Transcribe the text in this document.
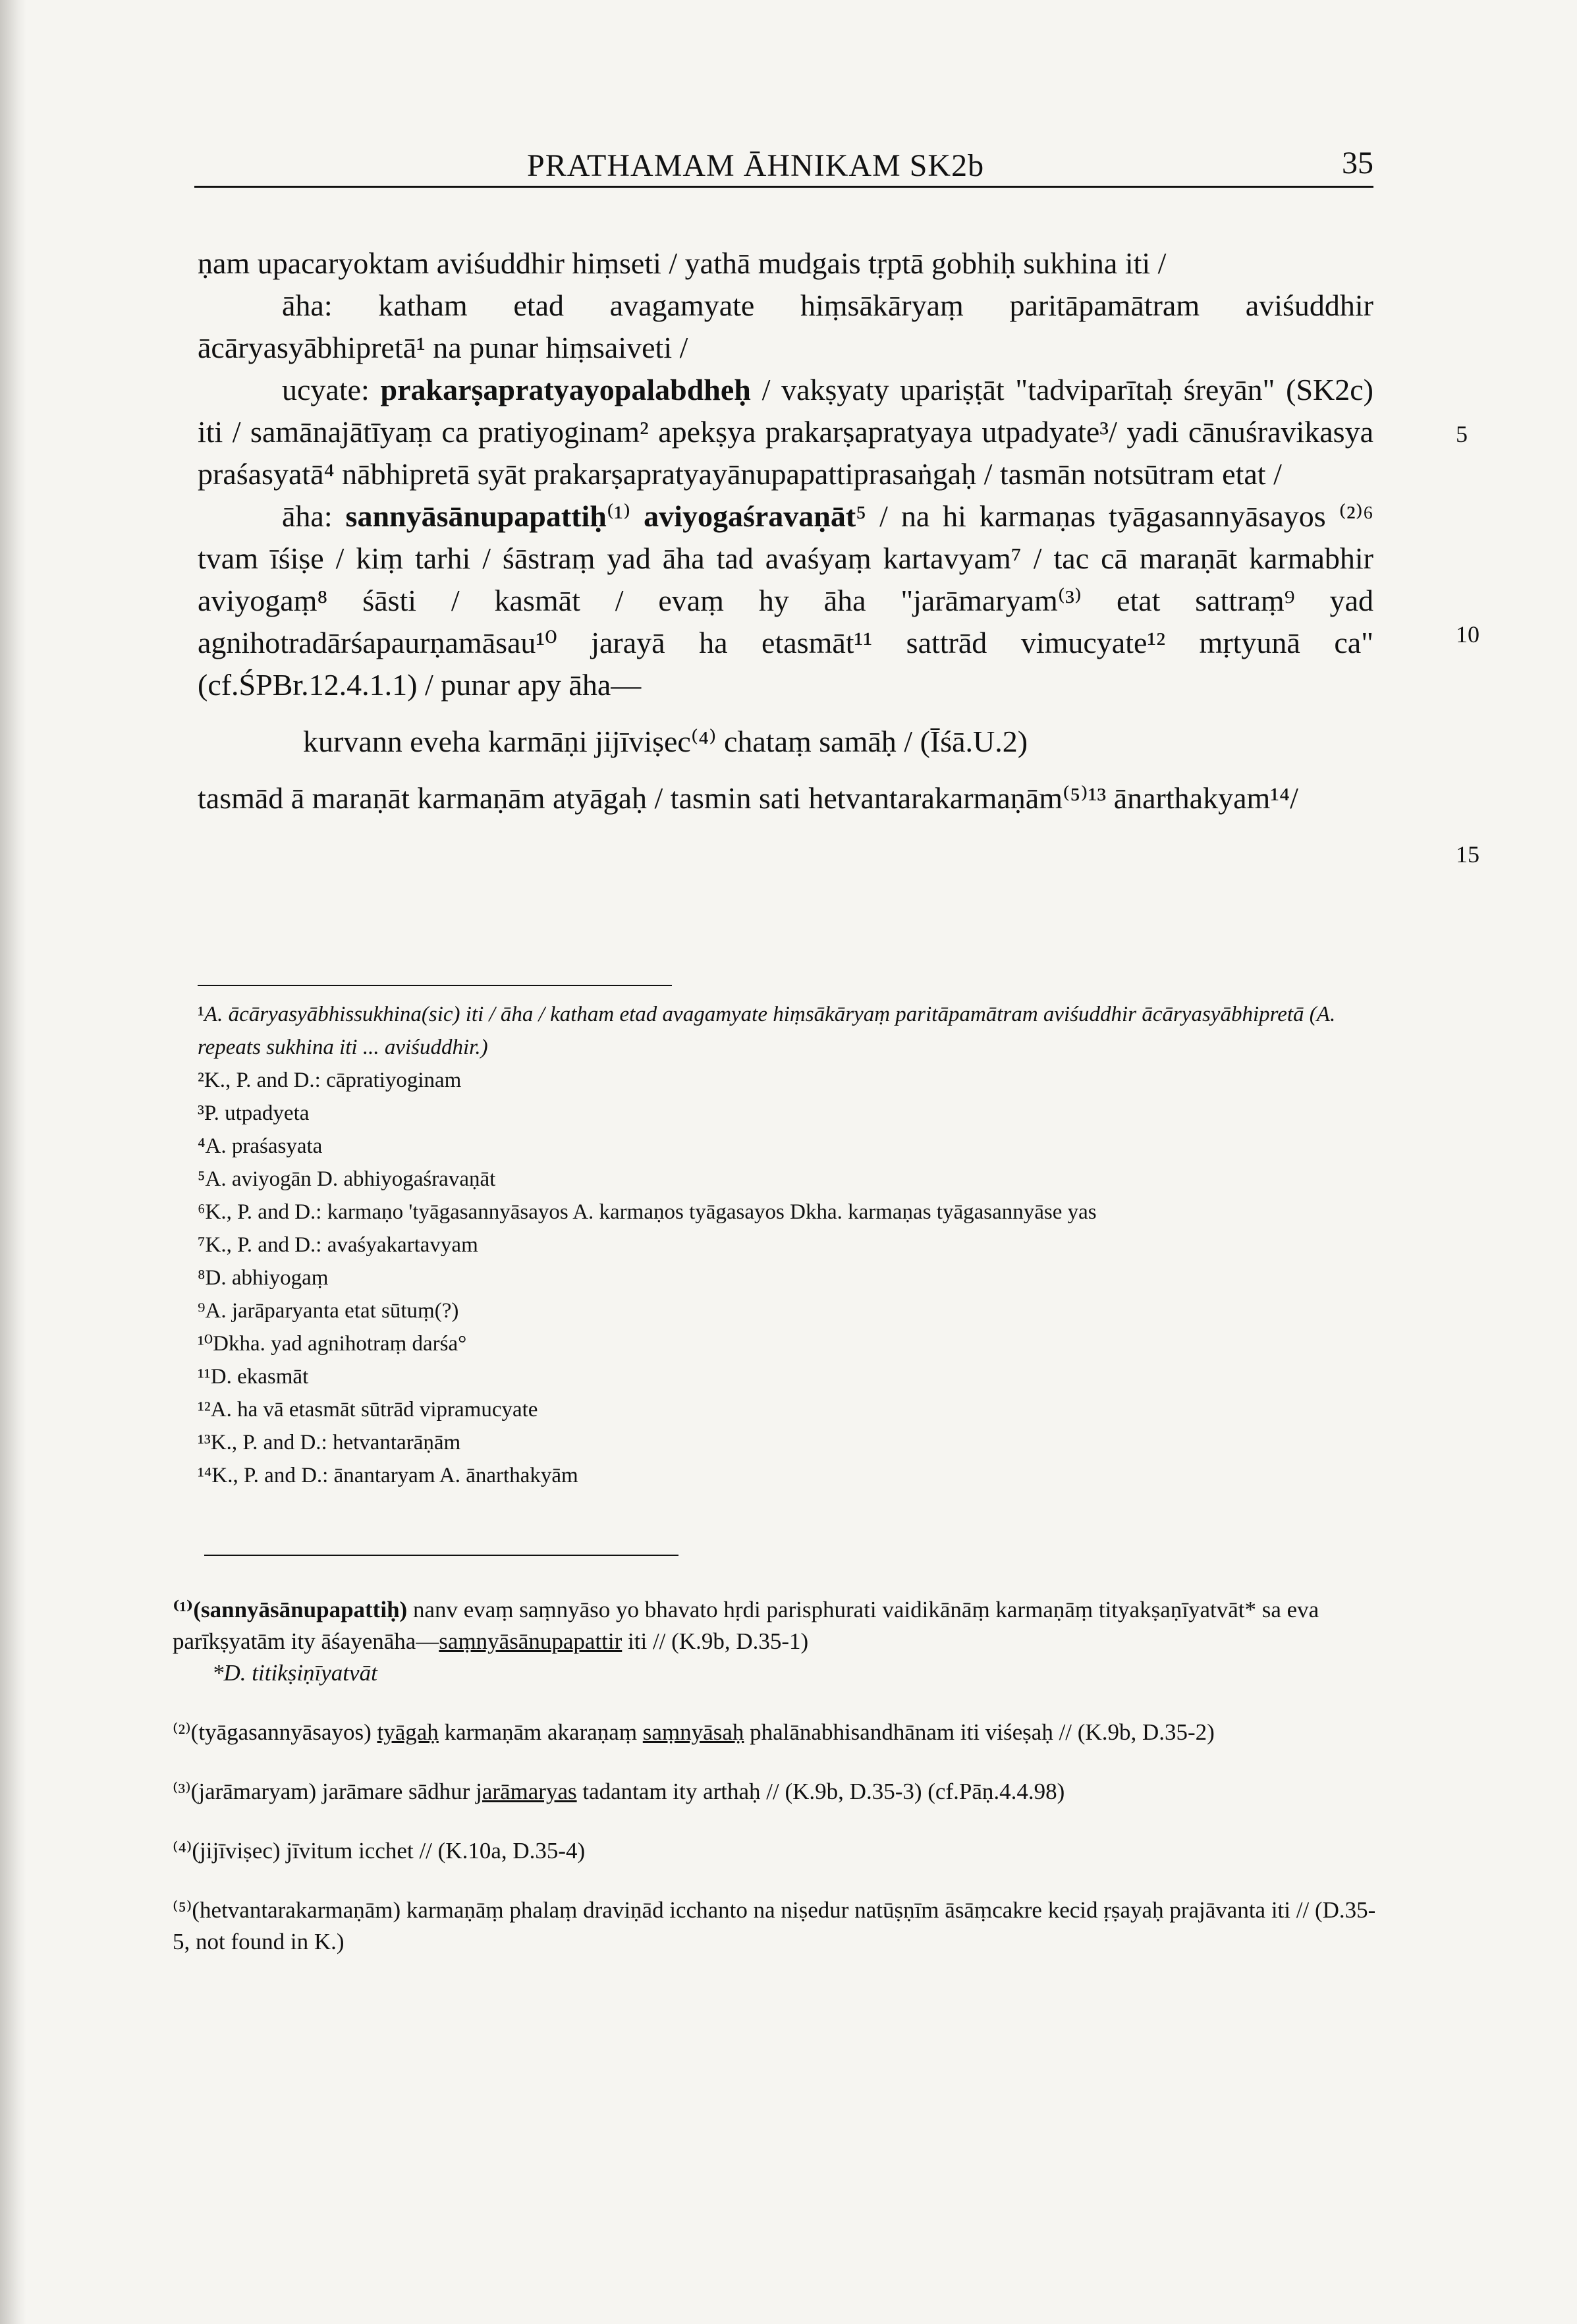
PRATHAMAM ĀHNIKAM SK2b	35

ṇam upacaryoktam aviśuddhir hiṃseti / yathā mudgais tṛptā gobhiḥ sukhina iti /

āha: katham etad avagamyate hiṃsākāryaṃ paritāpamātram aviśuddhir ācāryasyābhipretā¹ na punar hiṃsaiveti /

ucyate: prakarṣapratyayopalabdheḥ / vakṣyaty upariṣṭāt "tadviparītaḥ śreyān" (SK2c) iti / samānajātīyaṃ ca pratiyoginam² apekṣya prakarṣapratyaya utpadyate³/ yadi cānuśravikasya praśasyatā⁴ nābhipretā syāt prakarṣapratyayānupapattiprasaṅgaḥ / tasmān notsūtram etat /

āha: sannyāsānupapattiḥ⁽¹⁾ aviyogaśravaṇāt⁵ / na hi karmaṇas tyāgasannyāsayos ⁽²⁾⁶ tvam īśiṣe / kiṃ tarhi / śāstraṃ yad āha tad avaśyaṃ kartavyam⁷ / tac cā maraṇāt karmabhir aviyogaṃ⁸ śāsti / kasmāt / evaṃ hy āha "jarāmaryam⁽³⁾ etat sattraṃ⁹ yad agnihotradārśapaurṇamāsau¹⁰ jarayā ha etasmāt¹¹ sattrād vimucyate¹² mṛtyunā ca" (cf.ŚPBr.12.4.1.1) / punar apy āha—

kurvann eveha karmāṇi jijīviṣec⁽⁴⁾ chataṃ samāḥ / (Īśā.U.2)

tasmād ā maraṇāt karmaṇām atyāgaḥ / tasmin sati hetvantarakarmaṇām⁽⁵⁾¹³ ānarthakyam¹⁴/

5
10
15
¹A. ācāryasyābhissukhina(sic) iti / āha / katham etad avagamyate hiṃsākāryaṃ paritāpamātram aviśuddhir ācāryasyābhipretā (A. repeats sukhina iti ... aviśuddhir.)
²K., P. and D.: cāpratiyoginam
³P. utpadyeta
⁴A. praśasyata
⁵A. aviyogān D. abhiyogaśravaṇāt
⁶K., P. and D.: karmaṇo 'tyāgasannyāsayos A. karmaṇos tyāgasayos Dkha. karmaṇas tyāgasannyāse yas
⁷K., P. and D.: avaśyakartavyam
⁸D. abhiyogaṃ
⁹A. jarāparyanta etat sūtuṃ(?)
¹⁰Dkha. yad agnihotraṃ darśa°
¹¹D. ekasmāt
¹²A. ha vā etasmāt sūtrād vipramucyate
¹³K., P. and D.: hetvantarāṇām
¹⁴K., P. and D.: ānantaryam A. ānarthakyām
⁽¹⁾(sannyāsānupapattiḥ) nanv evaṃ saṃnyāso yo bhavato hṛdi parisphurati vaidikānāṃ karmaṇāṃ tityakṣaṇīyatvāt* sa eva parīkṣyatām ity āśayenāha—saṃnyāsānupapattir iti // (K.9b, D.35-1)
*D. titikṣiṇīyatvāt
⁽²⁾(tyāgasannyāsayos) tyāgaḥ karmaṇām akaraṇaṃ saṃnyāsaḥ phalānabhisandhānam iti viśeṣaḥ // (K.9b, D.35-2)
⁽³⁾(jarāmaryam) jarāmare sādhur jarāmaryas tadantam ity arthaḥ // (K.9b, D.35-3) (cf.Pāṇ.4.4.98)
⁽⁴⁾(jijīviṣec) jīvitum icchet // (K.10a, D.35-4)
⁽⁵⁾(hetvantarakarmaṇām) karmaṇāṃ phalaṃ draviṇād icchanto na niṣedur natūṣṇīm āsāṃcakre kecid ṛṣayaḥ prajāvanta iti // (D.35-5, not found in K.)
